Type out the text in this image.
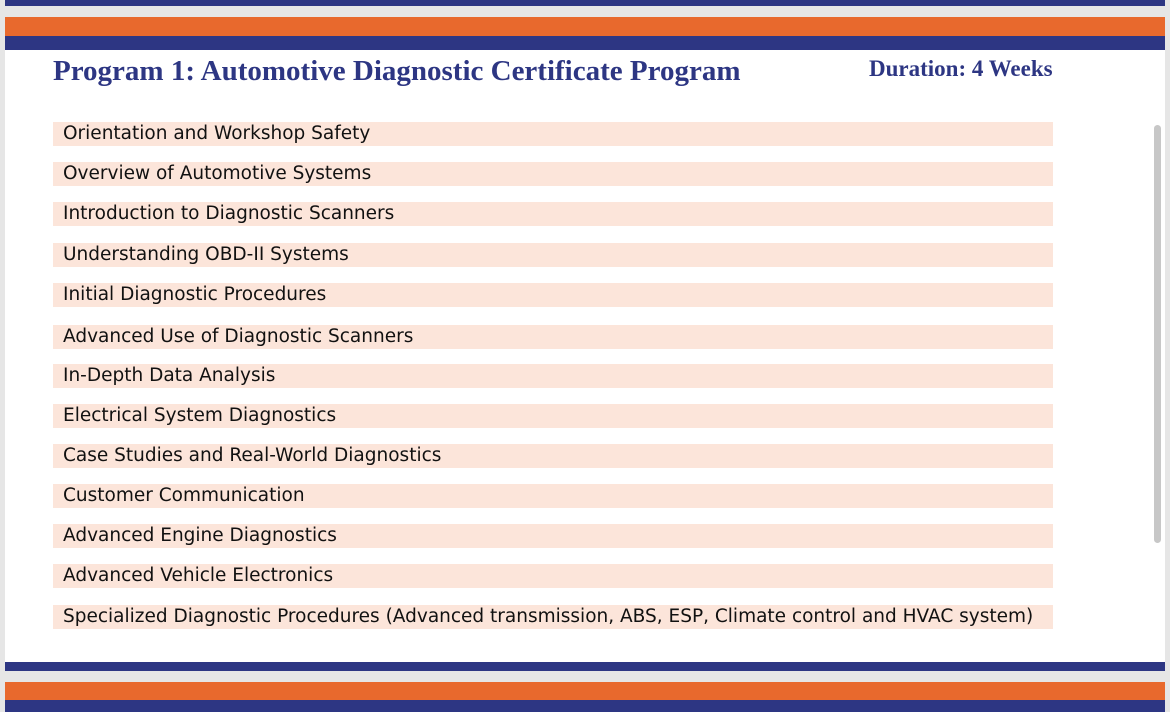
Program 1: Automotive Diagnostic Certificate Program	Duration: 4 Weeks
Orientation and Workshop Safety
Overview of Automotive Systems
Introduction to Diagnostic Scanners
Understanding OBD-II Systems
Initial Diagnostic Procedures
Advanced Use of Diagnostic Scanners
In-Depth Data Analysis
Electrical System Diagnostics
Case Studies and Real-World Diagnostics
Customer Communication
Advanced Engine Diagnostics
Advanced Vehicle Electronics
Specialized Diagnostic Procedures (Advanced transmission, ABS, ESP, Climate control and HVAC system)
